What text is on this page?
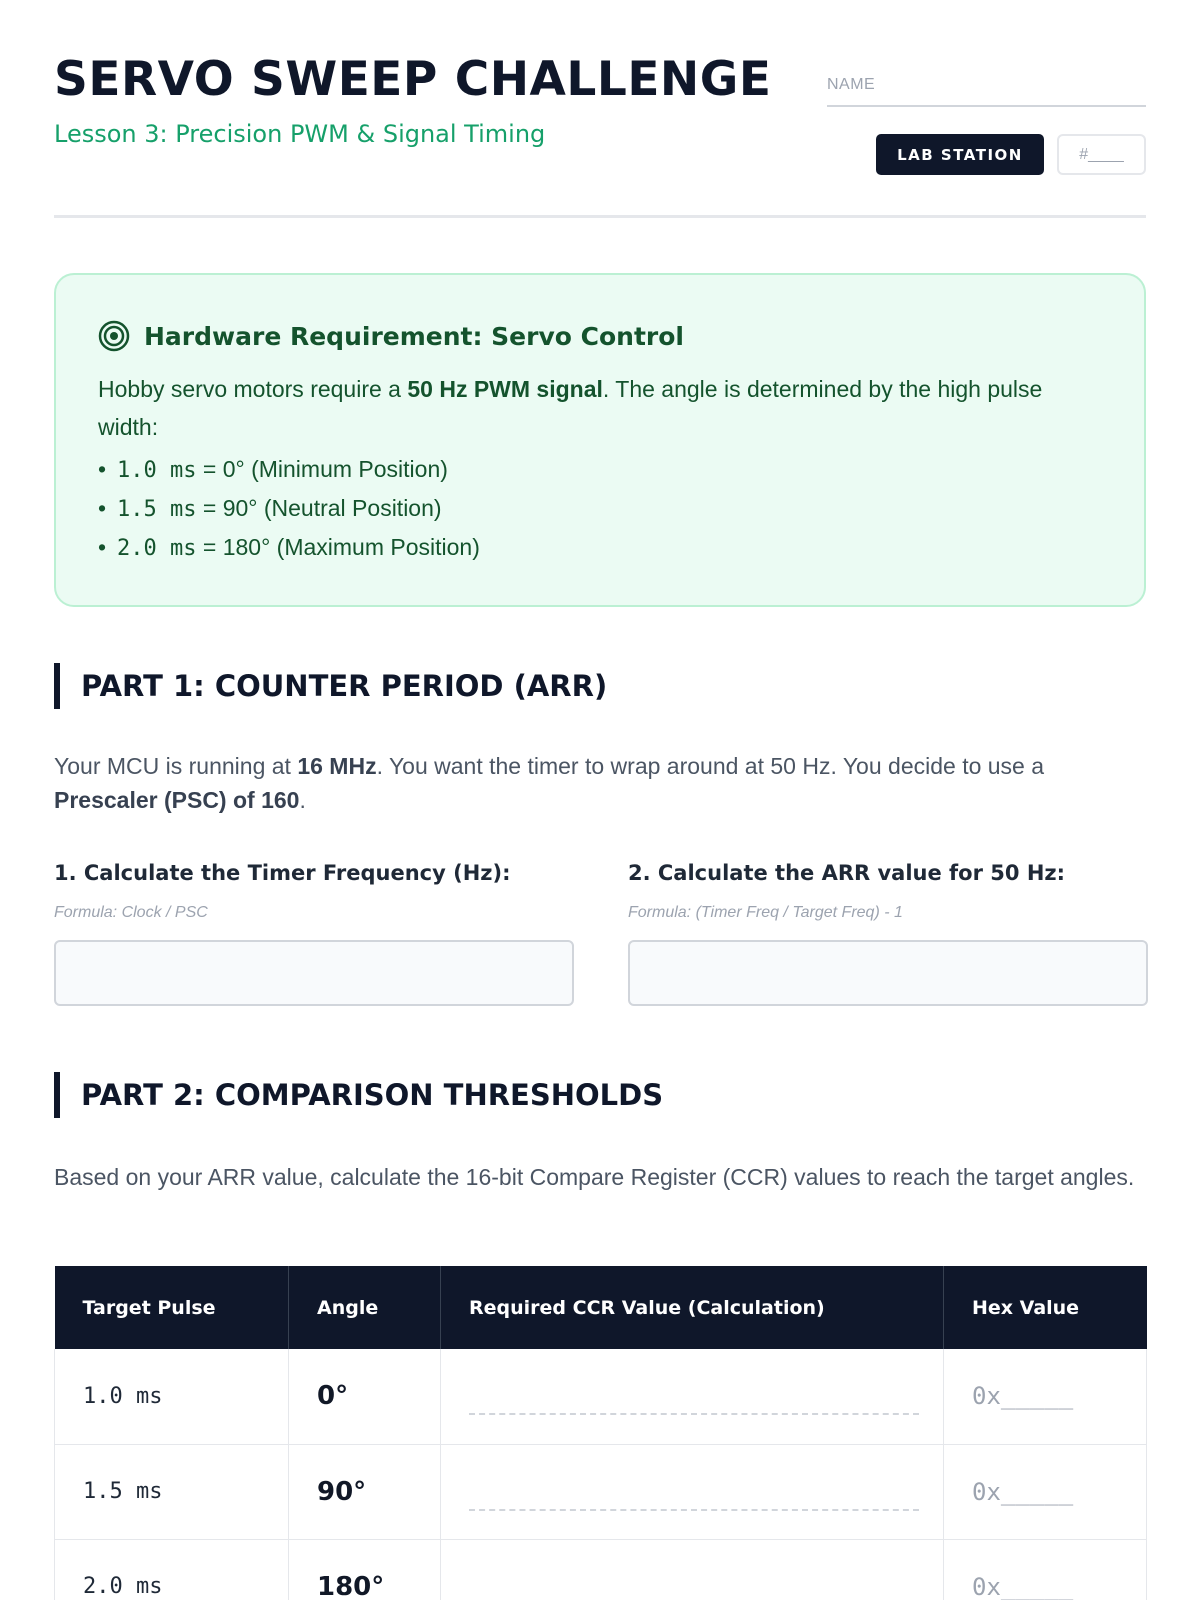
SERVO SWEEP CHALLENGE
Lesson 3: Precision PWM & Signal Timing
NAME
LAB STATION	#____
Hardware Requirement: Servo Control
Hobby servo motors require a 50 Hz PWM signal. The angle is determined by the high pulse width:
• 1.0 ms = 0° (Minimum Position)
• 1.5 ms = 90° (Neutral Position)
• 2.0 ms = 180° (Maximum Position)
PART 1: COUNTER PERIOD (ARR)
Your MCU is running at 16 MHz. You want the timer to wrap around at 50 Hz. You decide to use a Prescaler (PSC) of 160.
1. Calculate the Timer Frequency (Hz):
Formula: Clock / PSC
2. Calculate the ARR value for 50 Hz:
Formula: (Timer Freq / Target Freq) - 1
PART 2: COMPARISON THRESHOLDS
Based on your ARR value, calculate the 16-bit Compare Register (CCR) values to reach the target angles.
Target Pulse	Angle	Required CCR Value (Calculation)	Hex Value
1.0 ms	0°		0x_____
1.5 ms	90°		0x_____
2.0 ms	180°		0x_____
